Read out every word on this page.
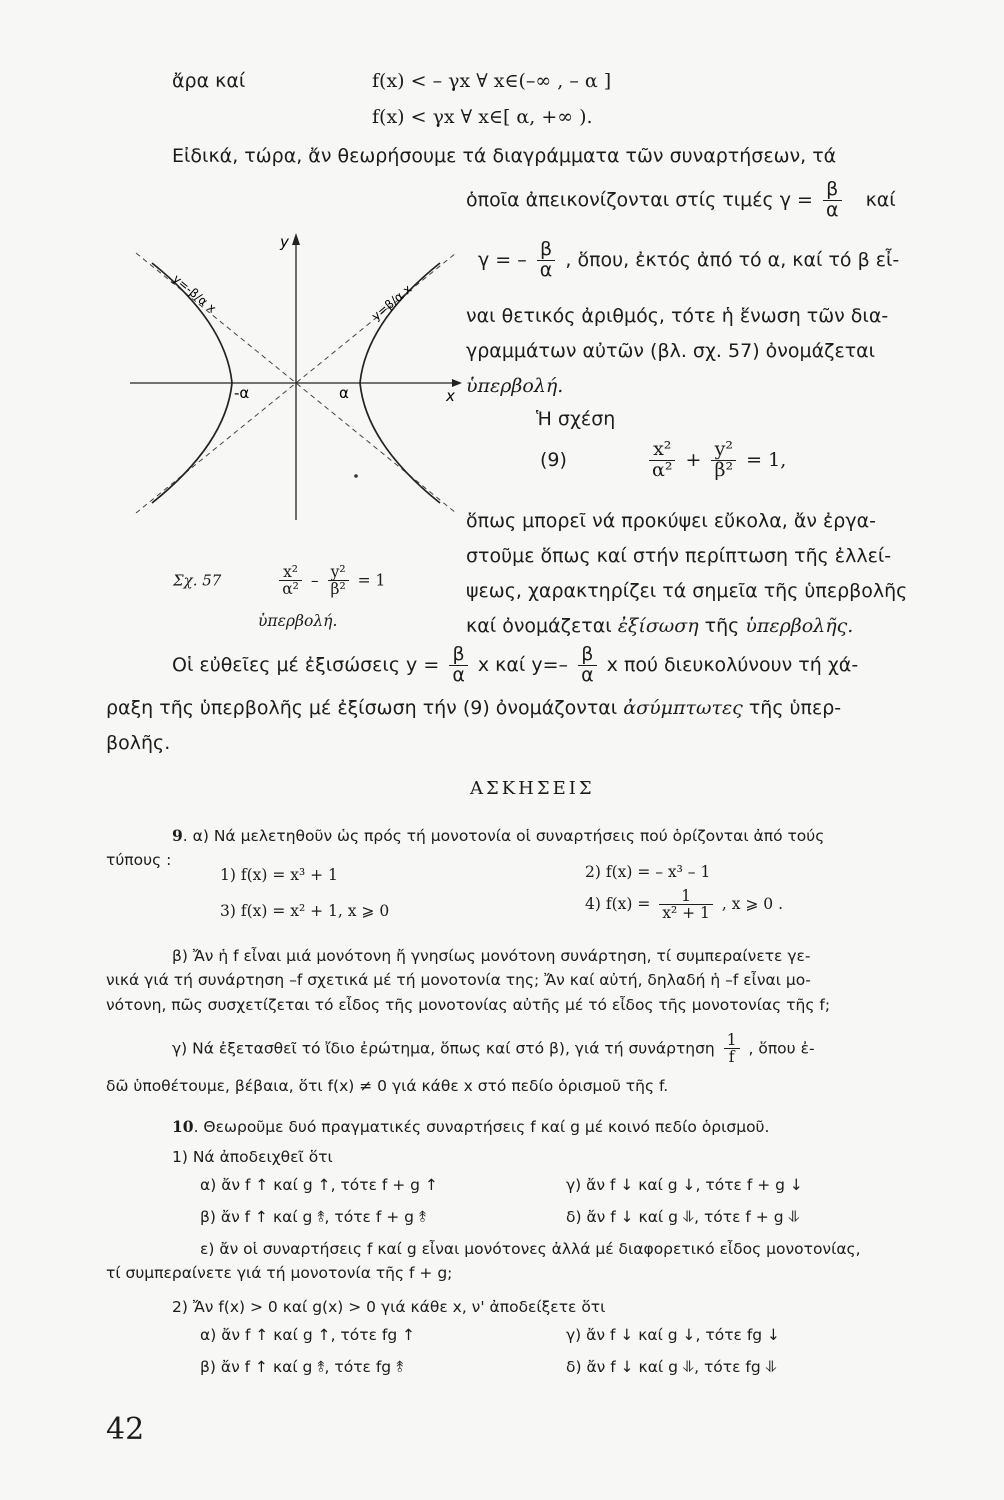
ἄρα καί	f(x) < – γx ∀ x∈(–∞ , – α ]
f(x) < γx ∀ x∈[ α, +∞ ).
Εἰδικά, τώρα, ἄν θεωρήσουμε τά διαγράμματα τῶν συναρτήσεων, τά
ὁποῖα ἀπεικονίζονται στίς τιμές $\gamma = \frac{\beta}{\alpha}$ καί
γ = – $\frac{\beta}{\alpha}$ , ὅπου, ἐκτός ἀπό τό α, καί τό β εἶ-
ναι θετικός ἀριθμός, τότε ἡ ἕνωση τῶν δια-
γραμμάτων αὐτῶν (βλ. σχ. 57) ὀνομάζεται
ὑπερβολή.
Ἡ σχέση
(9)	$\frac{\text{x²}}{\text{α²}} + \frac{\text{y²}}{\text{β²}} = 1$,
ὅπως μπορεῖ νά προκύψει εὔκολα, ἄν ἐργα-
στοῦμε ὅπως καί στήν περίπτωση τῆς ἐλλεί-
ψεως, χαρακτηρίζει τά σημεῖα τῆς ὑπερβολῆς
καί ὀνομάζεται ἐξίσωση τῆς ὑπερβολῆς.
y
x
-α	α
y=-β/α x	y=β/α x
Σχ. 57	$\frac{\text{x²}}{\text{α²}} - \frac{\text{y²}}{\text{β²}} = 1$
ὑπερβολή.
Οἱ εὐθεῖες μέ ἐξισώσεις $y = \frac{\beta}{\alpha}$ x καί $y=- \frac{\beta}{\alpha}$ x πού διευκολύνουν τή χά-
ραξη τῆς ὑπερβολῆς μέ ἐξίσωση τήν (9) ὀνομάζονται ἀσύμπτωτες τῆς ὑπερ-
βολῆς.
ΑΣΚΗΣΕΙΣ
9. α) Νά μελετηθοῦν ὡς πρός τή μονοτονία οἱ συναρτήσεις πού ὁρίζονται ἀπό τούς
τύπους :
1) f(x) = x³ + 1	2) f(x) = – x³ – 1
3) f(x) = x² + 1, x ⩾ 0	4) $f(x) = \frac{1}{\text{x² + 1}}$ , x ⩾ 0 .
β) Ἄν ἡ f εἶναι μιά μονότονη ἤ γνησίως μονότονη συνάρτηση, τί συμπεραίνετε γε-
νικά γιά τή συνάρτηση –f σχετικά μέ τή μονοτονία της; Ἄν καί αὐτή, δηλαδή ἡ –f εἶναι μο-
νότονη, πῶς συσχετίζεται τό εἶδος τῆς μονοτονίας αὐτῆς μέ τό εἶδος τῆς μονοτονίας τῆς f;
γ) Νά ἐξετασθεῖ τό ἴδιο ἐρώτημα, ὅπως καί στό β), γιά τή συνάρτηση $\frac{1}{f}$ , ὅπου ἐ-
δῶ ὑποθέτουμε, βέβαια, ὅτι f(x) ≠ 0 γιά κάθε x στό πεδίο ὁρισμοῦ τῆς f.
10. Θεωροῦμε δυό πραγματικές συναρτήσεις f καί g μέ κοινό πεδίο ὁρισμοῦ.
1) Νά ἀποδειχθεῖ ὅτι
α) ἄν f ↑ καί g ↑, τότε f + g ↑	γ) ἄν f ↓ καί g ↓, τότε f + g ↓
β) ἄν f ↑ καί g ⥉, τότε f + g ⥉	δ) ἄν f ↓ καί g ⥥, τότε f + g ⥥
ε) ἄν οἱ συναρτήσεις f καί g εἶναι μονότονες ἀλλά μέ διαφορετικό εἶδος μονοτονίας,
τί συμπεραίνετε γιά τή μονοτονία τῆς f + g;
2) Ἄν f(x) > 0 καί g(x) > 0 γιά κάθε x, ν' ἀποδείξετε ὅτι
α) ἄν f ↑ καί g ↑, τότε fg ↑	γ) ἄν f ↓ καί g ↓, τότε fg ↓
β) ἄν f ↑ καί g ⥉, τότε fg ⥉	δ) ἄν f ↓ καί g ⥥, τότε fg ⥥
42
